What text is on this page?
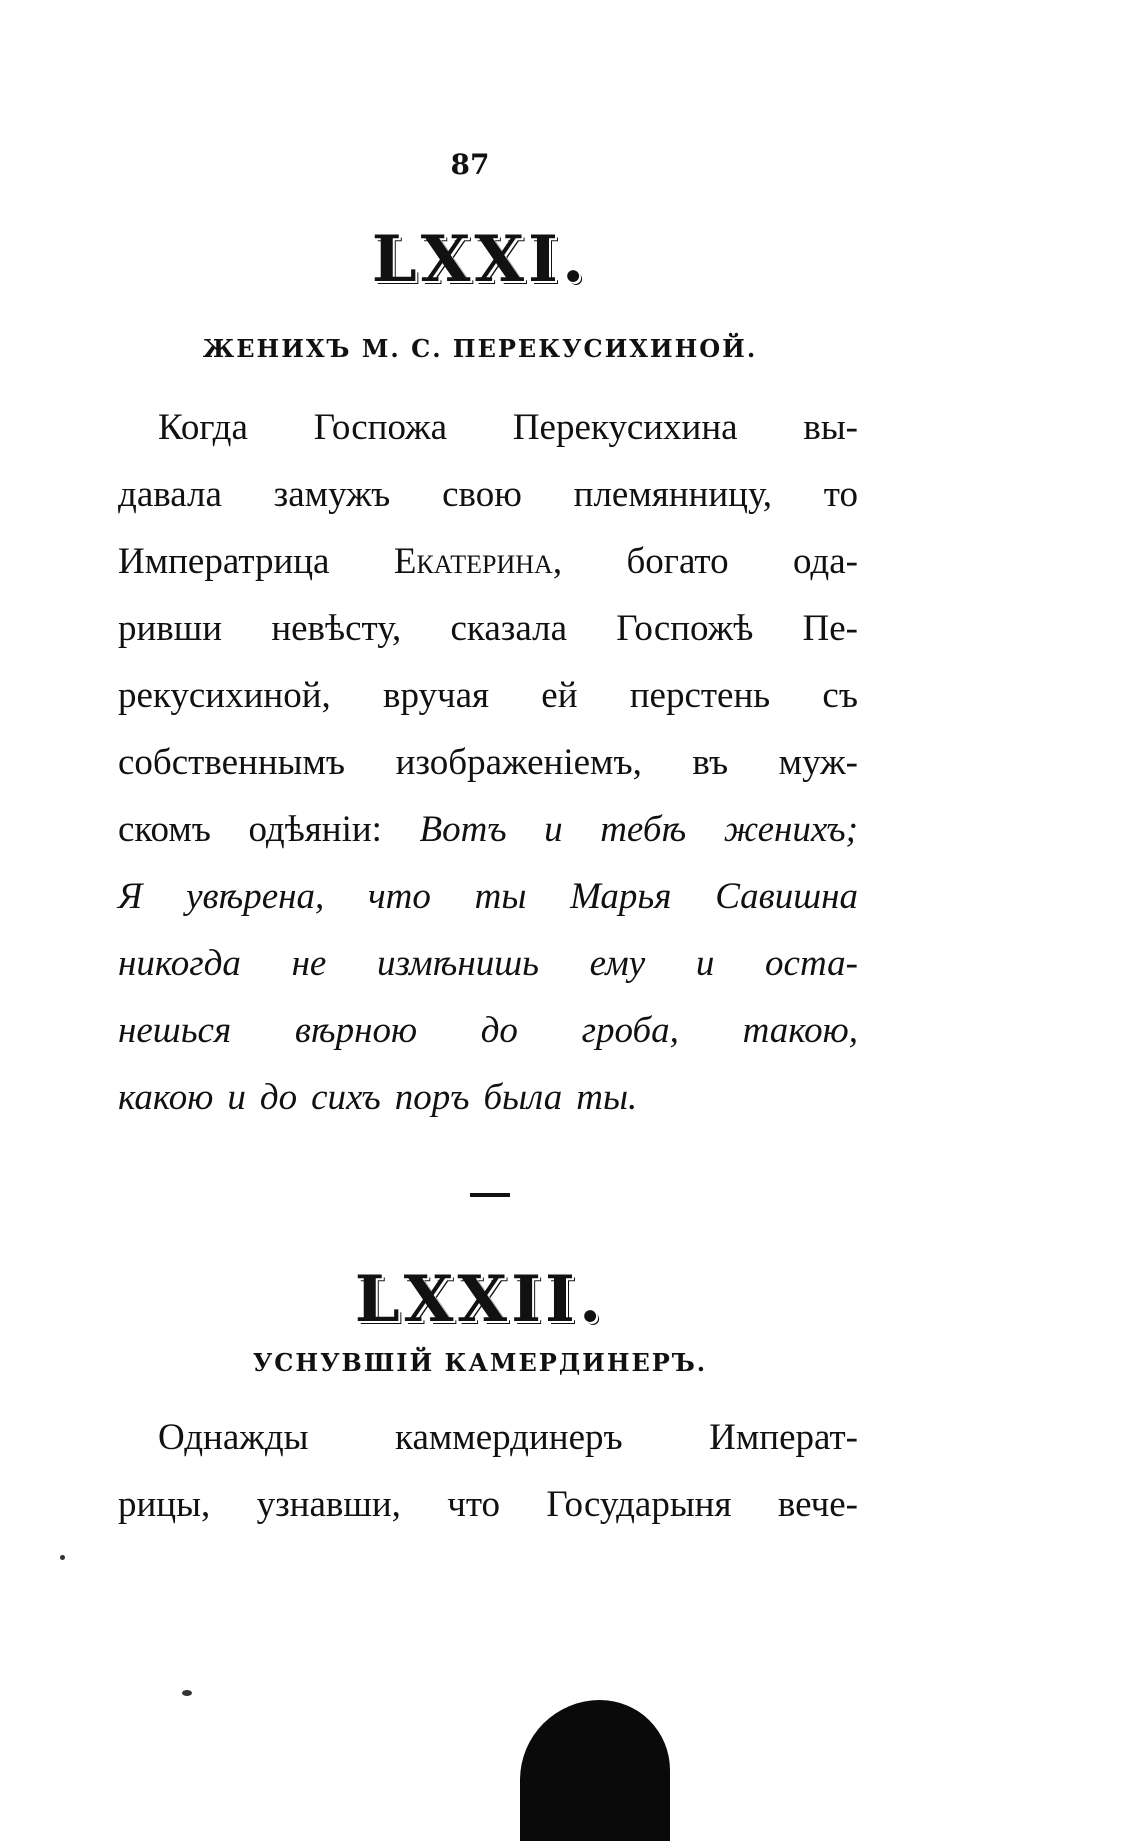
87
LXXI.
ЖЕНИХЪ М. С. ПЕРЕКУСИХИНОЙ.
Когда Госпожа Перекусихина вы-
давала замужъ свою племянницу, то
Императрица Екатерина, богато ода-
ривши невѣсту, сказала Госпожѣ Пе-
рекусихиной, вручая ей перстень съ
собственнымъ изображеніемъ, въ муж-
скомъ одѣяніи: Вотъ и тебѣ женихъ;
Я увѣрена, что ты Марья Савишна
никогда не измѣнишь ему и оста-
нешься вѣрною до гроба, такою,
какою и до сихъ поръ была ты.
LXXII.
УСНУВШІЙ КАМЕРДИНЕРЪ.
Однажды каммердинеръ Императ-
рицы, узнавши, что Государыня вече-
